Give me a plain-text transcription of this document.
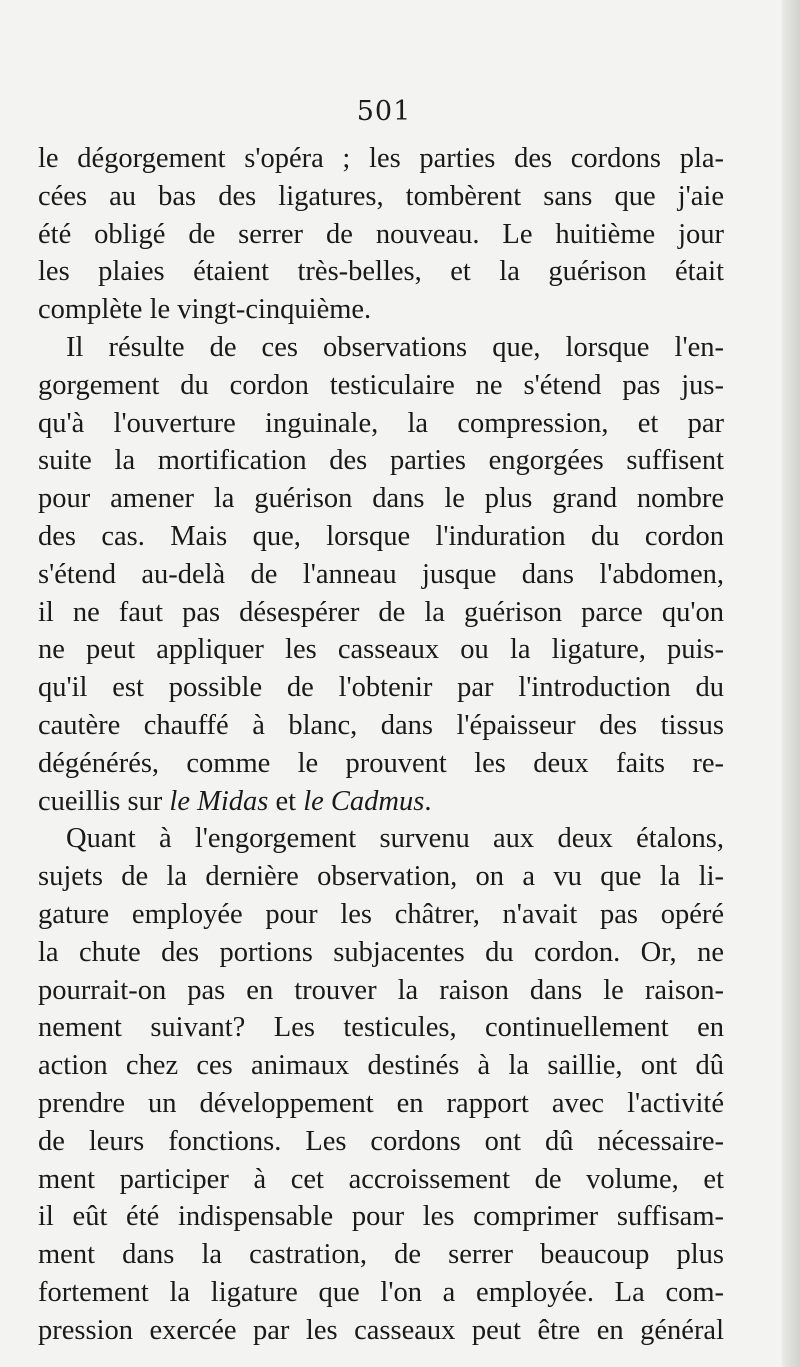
501
le dégorgement s'opéra ; les parties des cordons pla-
cées au bas des ligatures, tombèrent sans que j'aie
été obligé de serrer de nouveau. Le huitième jour
les plaies étaient très-belles, et la guérison était
complète le vingt-cinquième.
Il résulte de ces observations que, lorsque l'en-
gorgement du cordon testiculaire ne s'étend pas jus-
qu'à l'ouverture inguinale, la compression, et par
suite la mortification des parties engorgées suffisent
pour amener la guérison dans le plus grand nombre
des cas. Mais que, lorsque l'induration du cordon
s'étend au-delà de l'anneau jusque dans l'abdomen,
il ne faut pas désespérer de la guérison parce qu'on
ne peut appliquer les casseaux ou la ligature, puis-
qu'il est possible de l'obtenir par l'introduction du
cautère chauffé à blanc, dans l'épaisseur des tissus
dégénérés, comme le prouvent les deux faits re-
cueillis sur le Midas et le Cadmus.
Quant à l'engorgement survenu aux deux étalons,
sujets de la dernière observation, on a vu que la li-
gature employée pour les châtrer, n'avait pas opéré
la chute des portions subjacentes du cordon. Or, ne
pourrait-on pas en trouver la raison dans le raison-
nement suivant? Les testicules, continuellement en
action chez ces animaux destinés à la saillie, ont dû
prendre un développement en rapport avec l'activité
de leurs fonctions. Les cordons ont dû nécessaire-
ment participer à cet accroissement de volume, et
il eût été indispensable pour les comprimer suffisam-
ment dans la castration, de serrer beaucoup plus
fortement la ligature que l'on a employée. La com-
pression exercée par les casseaux peut être en général
